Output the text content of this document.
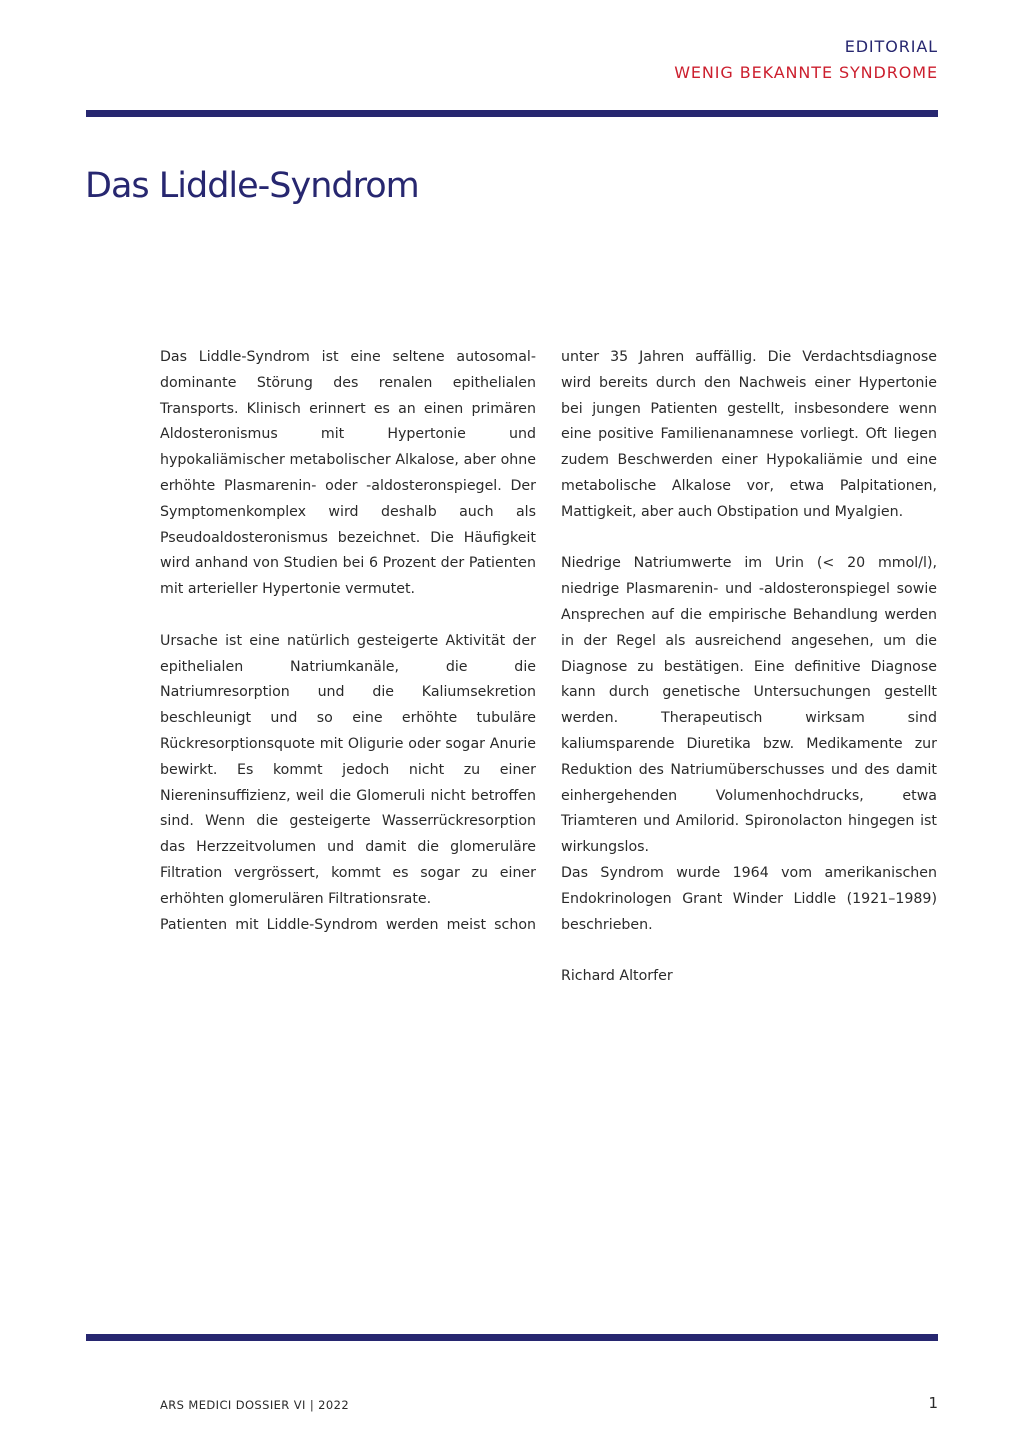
EDITORIAL
WENIG BEKANNTE SYNDROME
Das Liddle-Syndrom

Das Liddle-Syndrom ist eine seltene autosomal-dominante Störung des renalen epithelialen Transports. Klinisch erinnert es an einen primären Aldosteronismus mit Hypertonie und hypokaliämischer metabolischer Alkalose, aber ohne erhöhte Plasmarenin- oder -aldosteronspiegel. Der Symptomenkomplex wird deshalb auch als Pseudoaldosteronismus bezeichnet. Die Häufigkeit wird anhand von Studien bei 6 Prozent der Patienten mit arterieller Hypertonie vermutet.

Ursache ist eine natürlich gesteigerte Aktivität der epithelialen Natriumkanäle, die die Natriumresorption und die Kaliumsekretion beschleunigt und so eine erhöhte tubuläre Rückresorptionsquote mit Oligurie oder sogar Anurie bewirkt. Es kommt jedoch nicht zu einer Niereninsuffizienz, weil die Glomeruli nicht betroffen sind. Wenn die gesteigerte Wasserrückresorption das Herzzeitvolumen und damit die glomeruläre Filtration vergrössert, kommt es sogar zu einer erhöhten glomerulären Filtrationsrate.

Patienten mit Liddle-Syndrom werden meist schon

unter 35 Jahren auffällig. Die Verdachtsdiagnose wird bereits durch den Nachweis einer Hypertonie bei jungen Patienten gestellt, insbesondere wenn eine positive Familienanamnese vorliegt. Oft liegen zudem Beschwerden einer Hypokaliämie und eine metabolische Alkalose vor, etwa Palpitationen, Mattigkeit, aber auch Obstipation und Myalgien.

Niedrige Natriumwerte im Urin (< 20 mmol/l), niedrige Plasmarenin- und -aldosteronspiegel sowie Ansprechen auf die empirische Behandlung werden in der Regel als ausreichend angesehen, um die Diagnose zu bestätigen. Eine definitive Diagnose kann durch genetische Untersuchungen gestellt werden. Therapeutisch wirksam sind kaliumsparende Diuretika bzw. Medikamente zur Reduktion des Natriumüberschusses und des damit einhergehenden Volumenhochdrucks, etwa Triamteren und Amilorid. Spironolacton hingegen ist wirkungslos.

Das Syndrom wurde 1964 vom amerikanischen Endokrinologen Grant Winder Liddle (1921–1989) beschrieben.

Richard Altorfer
ARS MEDICI DOSSIER VI | 2022	1
